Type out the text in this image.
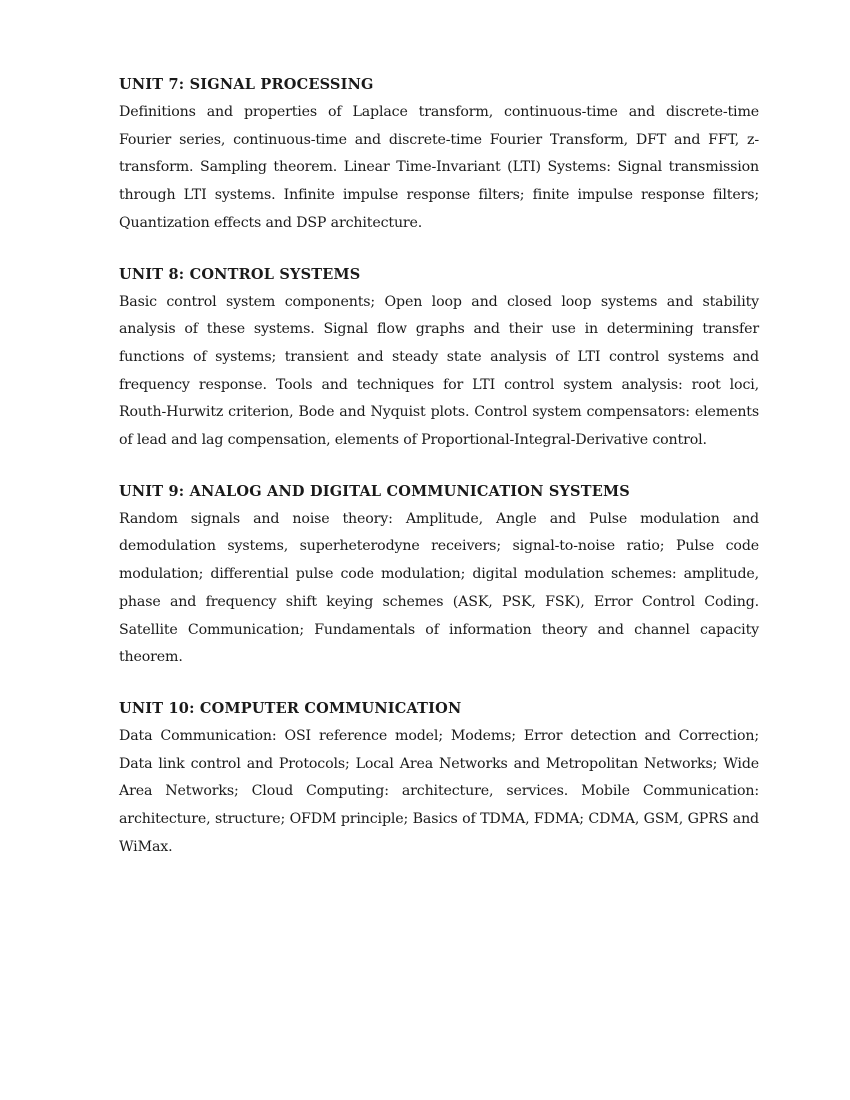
UNIT 7: SIGNAL PROCESSING

Definitions and properties of Laplace transform, continuous-time and discrete-time Fourier series, continuous-time and discrete-time Fourier Transform, DFT and FFT, z-transform. Sampling theorem. Linear Time-Invariant (LTI) Systems: Signal transmission through LTI systems. Infinite impulse response filters; finite impulse response filters; Quantization effects and DSP architecture.

UNIT 8: CONTROL SYSTEMS

Basic control system components; Open loop and closed loop systems and stability analysis of these systems. Signal flow graphs and their use in determining transfer functions of systems; transient and steady state analysis of LTI control systems and frequency response. Tools and techniques for LTI control system analysis: root loci, Routh-Hurwitz criterion, Bode and Nyquist plots. Control system compensators: elements of lead and lag compensation, elements of Proportional-Integral-Derivative control.

UNIT 9: ANALOG AND DIGITAL COMMUNICATION SYSTEMS

Random signals and noise theory: Amplitude, Angle and Pulse modulation and demodulation systems, superheterodyne receivers; signal-to-noise ratio; Pulse code modulation; differential pulse code modulation; digital modulation schemes: amplitude, phase and frequency shift keying schemes (ASK, PSK, FSK), Error Control Coding. Satellite Communication; Fundamentals of information theory and channel capacity theorem.

UNIT 10: COMPUTER COMMUNICATION

Data Communication: OSI reference model; Modems; Error detection and Correction; Data link control and Protocols; Local Area Networks and Metropolitan Networks; Wide Area Networks; Cloud Computing: architecture, services. Mobile Communication: architecture, structure; OFDM principle; Basics of TDMA, FDMA; CDMA, GSM, GPRS and WiMax.
